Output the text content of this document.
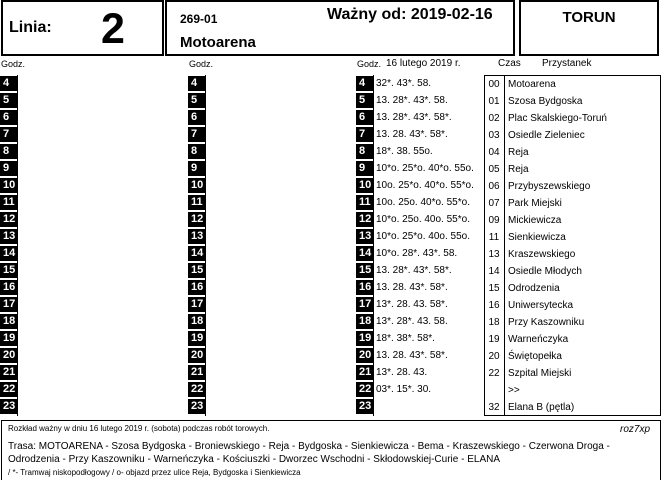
Linia: 2	269-01
Motoarena
Ważny od: 2019-02-16	TORUN
Godz.	Godz.	Godz. 16 lutego 2019 r.	Czas Przystanek
4	4	4	32*. 43*. 58.
5	5	5	13. 28*. 43*. 58.
6	6	6	13. 28*. 43*. 58*.
7	7	7	13. 28. 43*. 58*.
8	8	8	18*. 38. 55o.
9	9	9	10*o. 25*o. 40*o. 55o.
10	10	10 10o. 25*o. 40*o. 55*o.
11	11	11 10o. 25o. 40*o. 55*o.
12	12	12 10*o. 25o. 40o. 55*o.
13	13	13 10*o. 25*o. 40o. 55o.
14	14	14 10*o. 28*. 43*. 58.
15	15	15 13. 28*. 43*. 58*.
16	16	16 13. 28. 43*. 58*.
17	17	17 13*. 28. 43. 58*.
18	18	18 13*. 28*. 43. 58.
19	19	19 18*. 38*. 58*.
20	20	20 13. 28. 43*. 58*.
21	21	21 13*. 28. 43.
22	22	22 03*. 15*. 30.
23	23	23
00 Motoarena
01 Szosa Bydgoska
02 Plac Skalskiego-Toruń
03 Osiedle Zieleniec
04 Reja
05 Reja
06 Przybyszewskiego
07 Park Miejski
09 Mickiewicza
11 Sienkiewicza
13 Kraszewskiego
14 Osiedle Młodych
15 Odrodzenia
16 Uniwersytecka
18 Przy Kaszowniku
19 Warneńczyka
20 Świętopełka
22 Szpital Miejski
>>
32 Elana B (pętla)
Rozkład ważny w dniu 16 lutego 2019 r. (sobota) podczas robót torowych.	roz7xp
Trasa: MOTOARENA - Szosa Bydgoska - Broniewskiego - Reja - Bydgoska - Sienkiewicza - Bema - Kraszewskiego - Czerwona Droga - Odrodzenia - Przy Kaszowniku - Warneńczyka - Kościuszki - Dworzec Wschodni - Skłodowskiej-Curie - ELANA
/ *- Tramwaj niskopodłogowy / o- objazd przez ulice Reja, Bydgoska i Sienkiewicza
